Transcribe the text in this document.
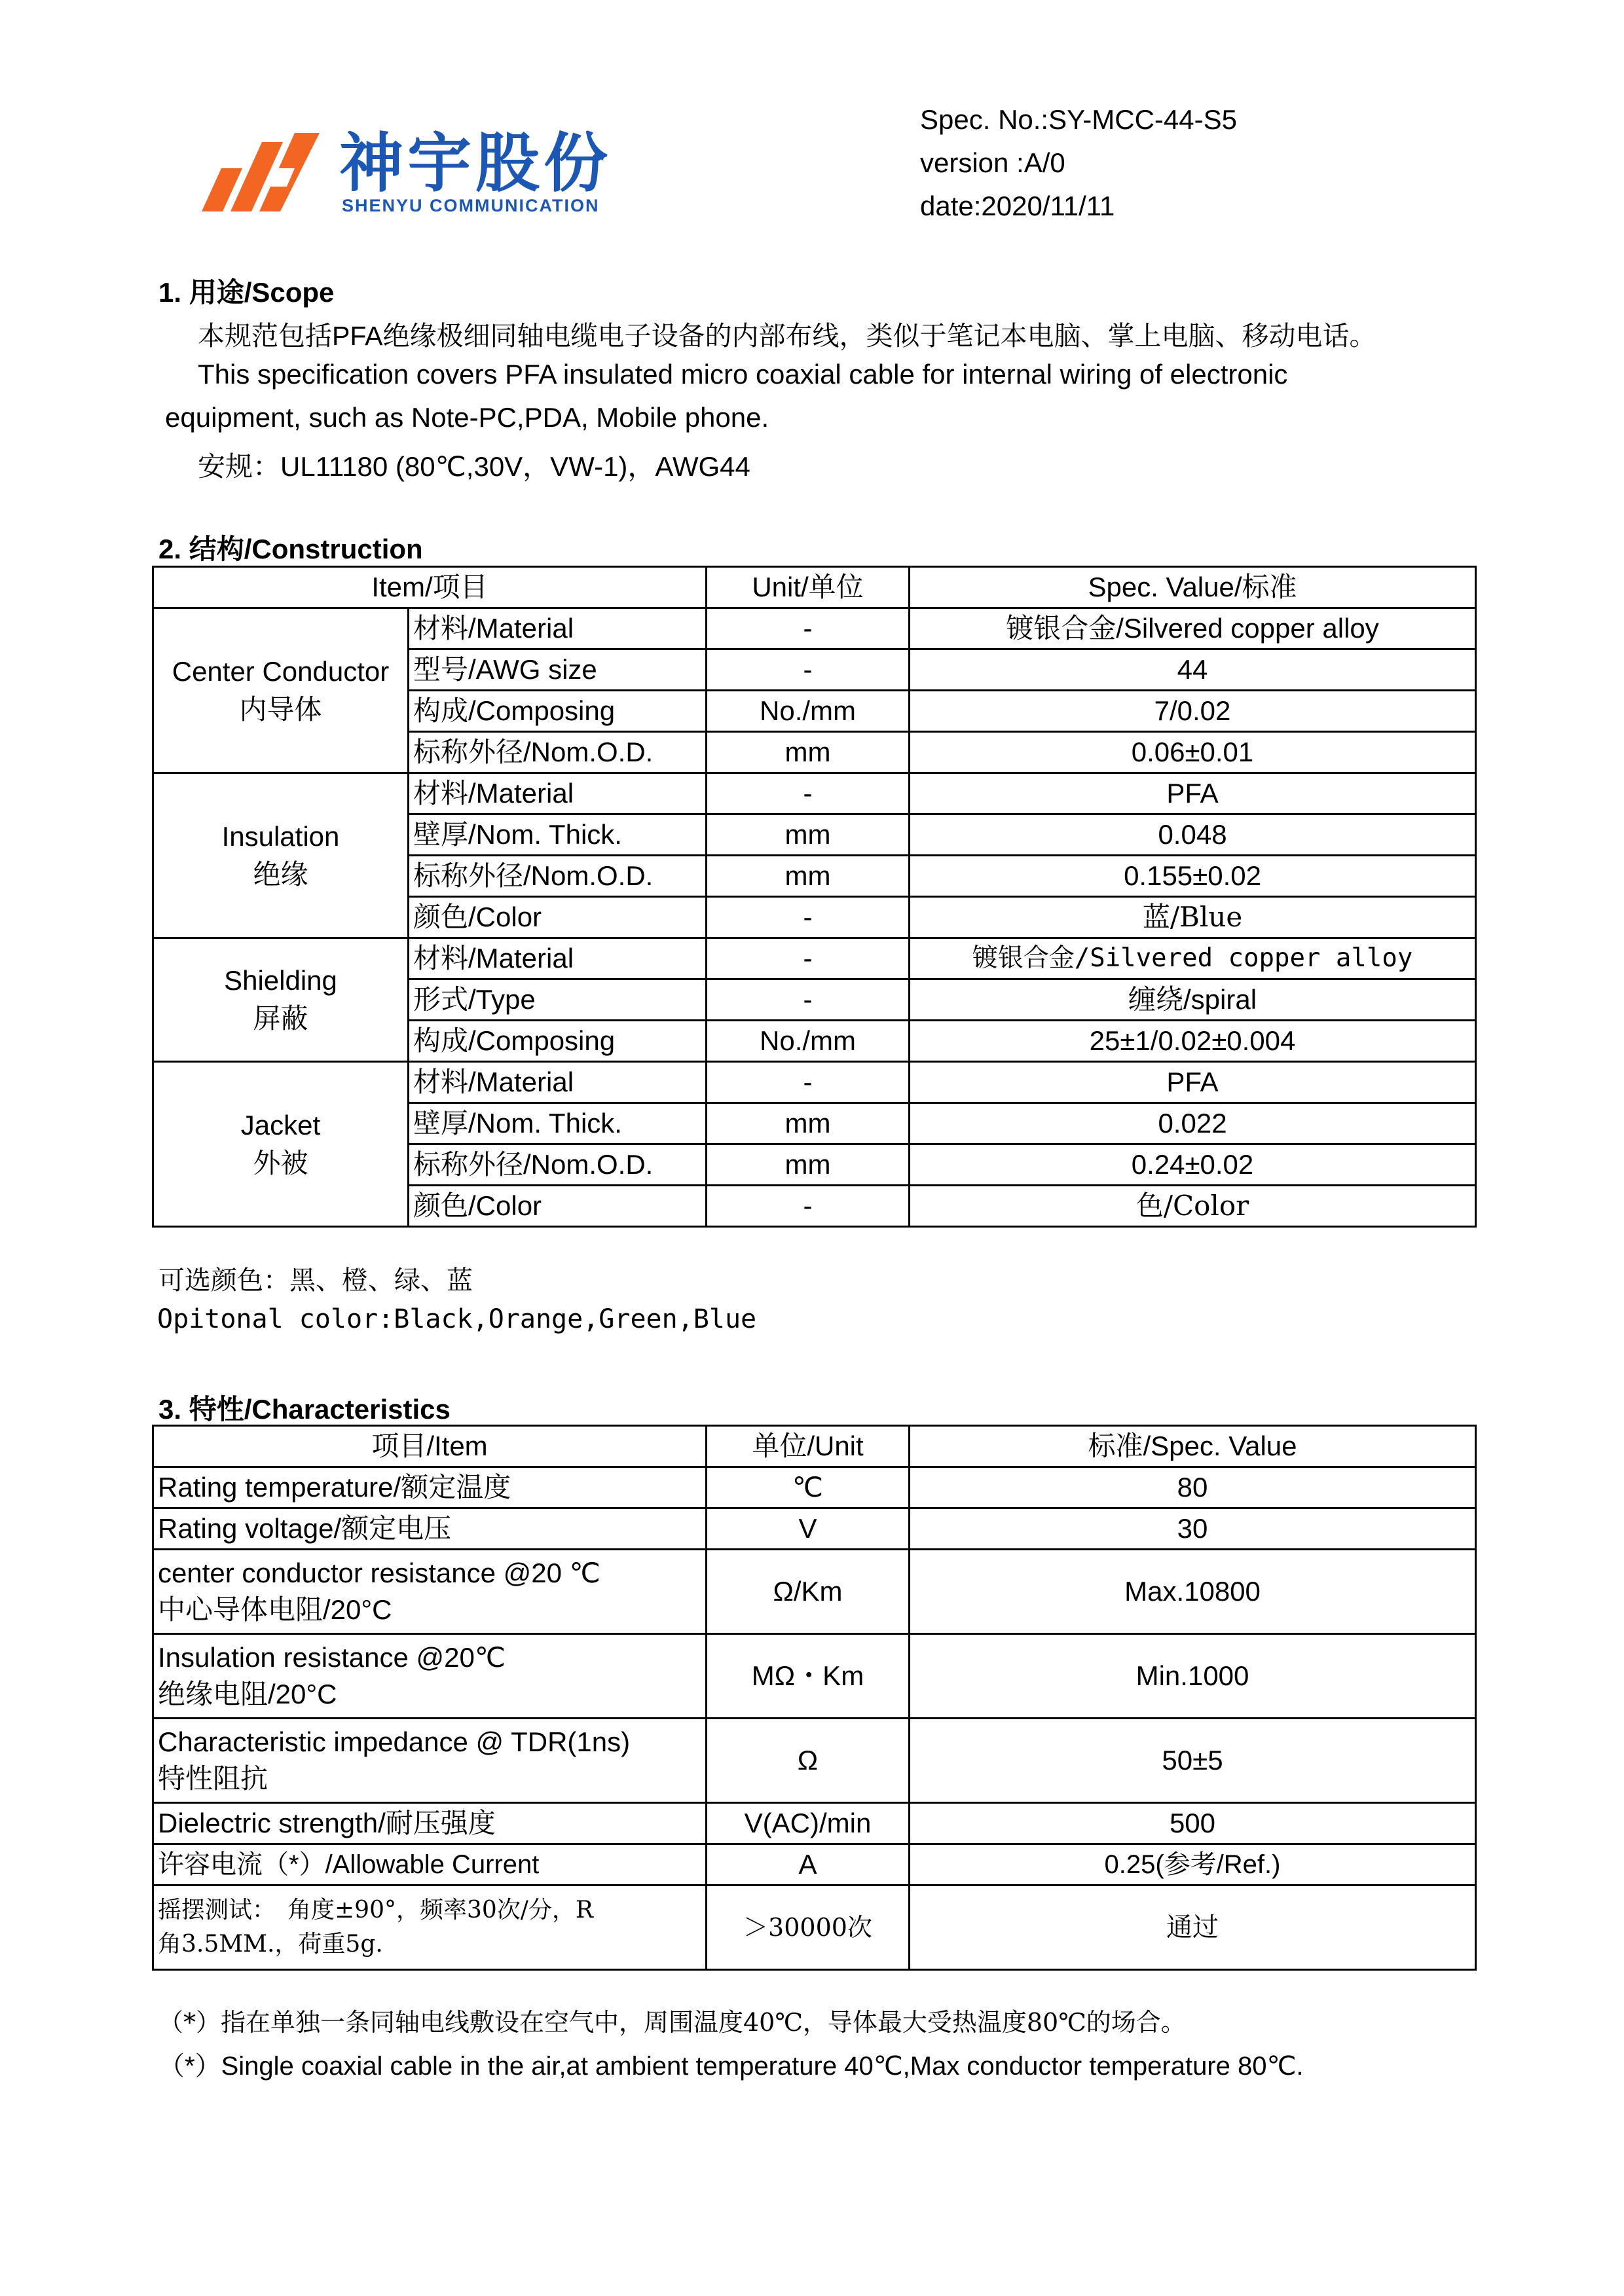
神宇股份
SHENYU COMMUNICATION
Spec. No.:SY-MCC-44-S5
version :A/0
date:2020/11/11
1. 用途/Scope
本规范包括PFA绝缘极细同轴电缆电子设备的内部布线，类似于笔记本电脑、掌上电脑、移动电话。
This specification covers PFA insulated micro coaxial cable for internal wiring of electronic
equipment, such as Note-PC,PDA, Mobile phone.
安规：UL11180 (80℃,30V，VW-1)，AWG44
2. 结构/Construction
Item/项目		Unit/单位	Spec. Value/标准

Center Conductor
内导体	材料/Material	-	镀银合金/Silvered copper alloy
	型号/AWG size	-	44
	构成/Composing	No./mm	7/0.02
	标称外径/Nom.O.D.	mm	0.06±0.01

Insulation
绝缘	材料/Material	-	PFA
	壁厚/Nom. Thick.	mm	0.048
	标称外径/Nom.O.D.	mm	0.155±0.02
	颜色/Color	-	蓝/Blue

Shielding
屏蔽	材料/Material	-	镀银合金/Silvered copper alloy
	形式/Type	-	缠绕/spiral
	构成/Composing	No./mm	25±1/0.02±0.004

Jacket
外被	材料/Material	-	PFA
	壁厚/Nom. Thick.	mm	0.022
	标称外径/Nom.O.D.	mm	0.24±0.02
	颜色/Color	-	色/Color
可选颜色：黑、橙、绿、蓝
Opitonal color:Black,Orange,Green,Blue
3. 特性/Characteristics
项目/Item	单位/Unit	标准/Spec. Value
Rating temperature/额定温度	℃	80
Rating voltage/额定电压	V	30

center conductor resistance @20 ℃
中心导体电阻/20°C	Ω/Km	Max.10800

Insulation resistance @20℃
绝缘电阻/20°C	MΩ・Km	Min.1000

Characteristic impedance @ TDR(1ns)
特性阻抗	Ω	50±5
Dielectric strength/耐压强度	V(AC)/min	500
许容电流（*）/Allowable Current	A	0.25(参考/Ref.)

摇摆测试：　角度±90°，频率30次/分，R
角3.5MM.，荷重5g.	＞30000次	通过
（*）指在单独一条同轴电线敷设在空气中，周围温度40℃，导体最大受热温度80℃的场合。
（*）Single coaxial cable in the air,at ambient temperature 40℃,Max conductor temperature 80℃.
